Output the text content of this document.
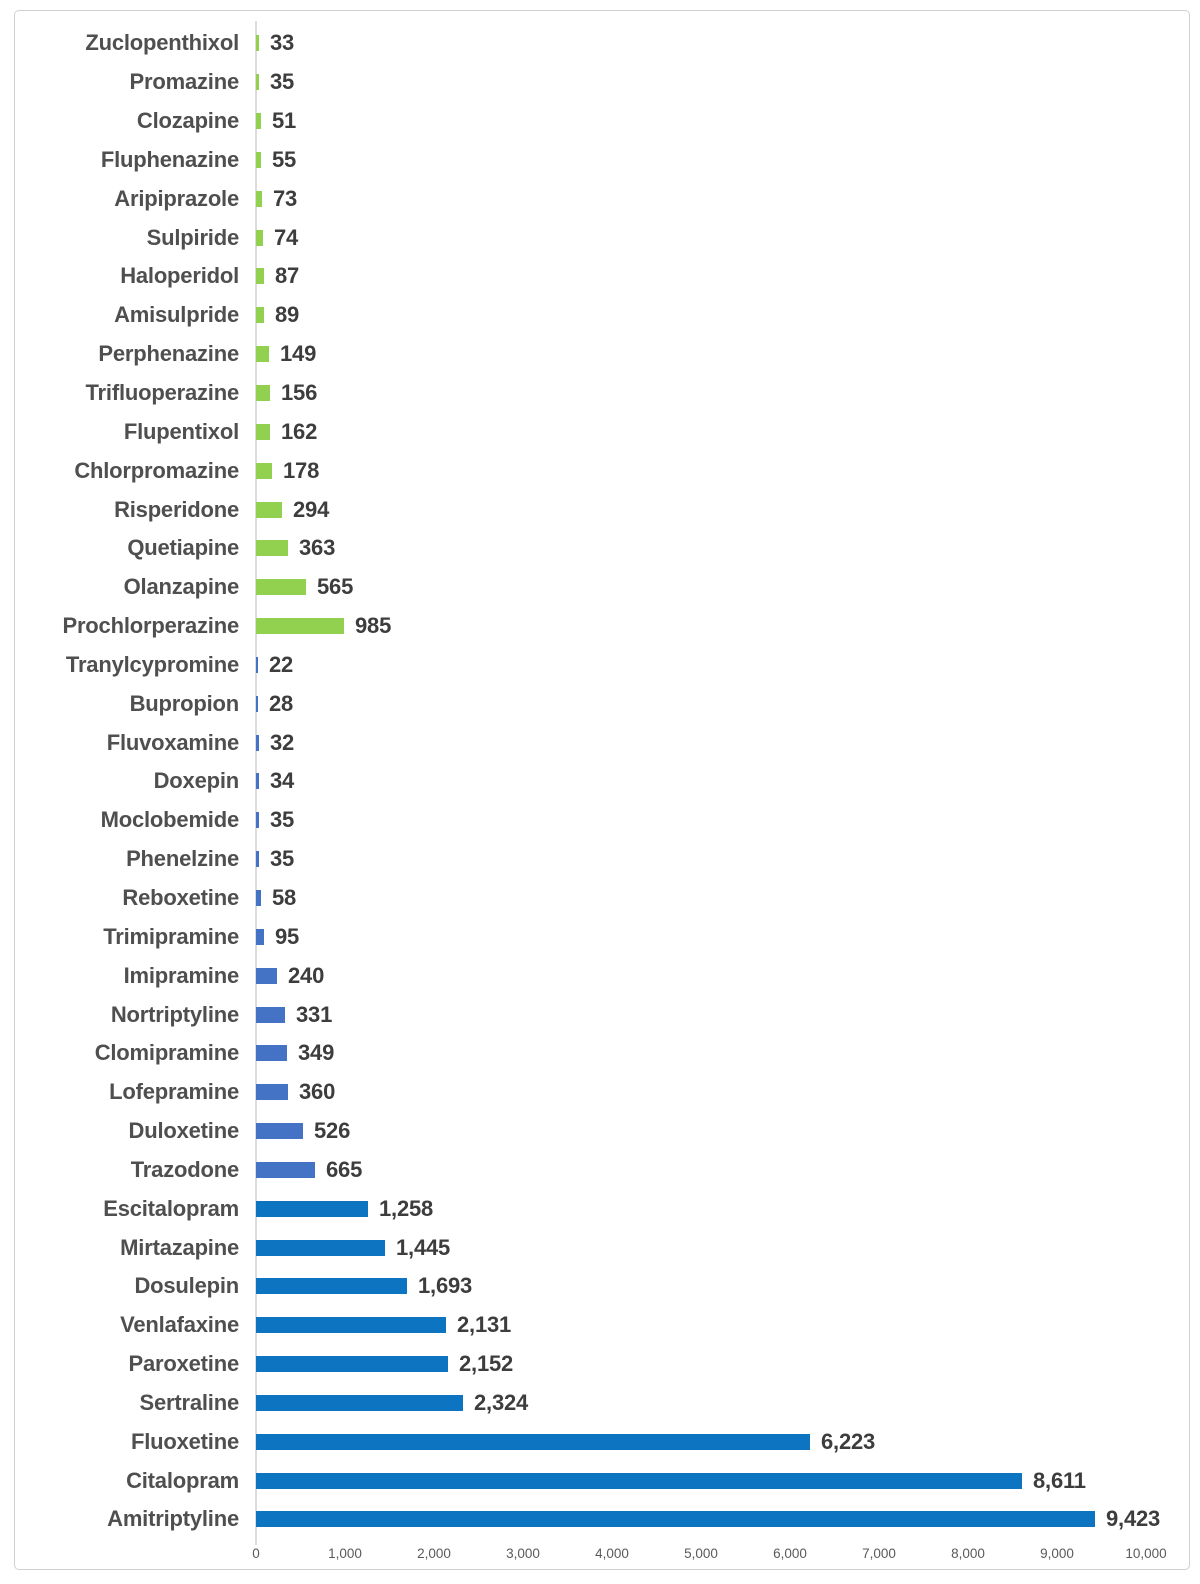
Zuclopenthixol	33
Promazine	35
Clozapine	51
Fluphenazine	55
Aripiprazole	73
Sulpiride	74
Haloperidol	87
Amisulpride	89
Perphenazine	149
Trifluoperazine	156
Flupentixol	162
Chlorpromazine	178
Risperidone	294
Quetiapine	363
Olanzapine	565
Prochlorperazine	985
Tranylcypromine	22
Bupropion	28
Fluvoxamine	32
Doxepin	34
Moclobemide	35
Phenelzine	35
Reboxetine	58
Trimipramine	95
Imipramine	240
Nortriptyline	331
Clomipramine	349
Lofepramine	360
Duloxetine	526
Trazodone	665
Escitalopram	1,258
Mirtazapine	1,445
Dosulepin	1,693
Venlafaxine	2,131
Paroxetine	2,152
Sertraline	2,324
Fluoxetine	6,223
Citalopram	8,611
Amitriptyline	9,423
0	1,000	2,000	3,000	4,000	5,000	6,000	7,000	8,000	9,000	10,000
